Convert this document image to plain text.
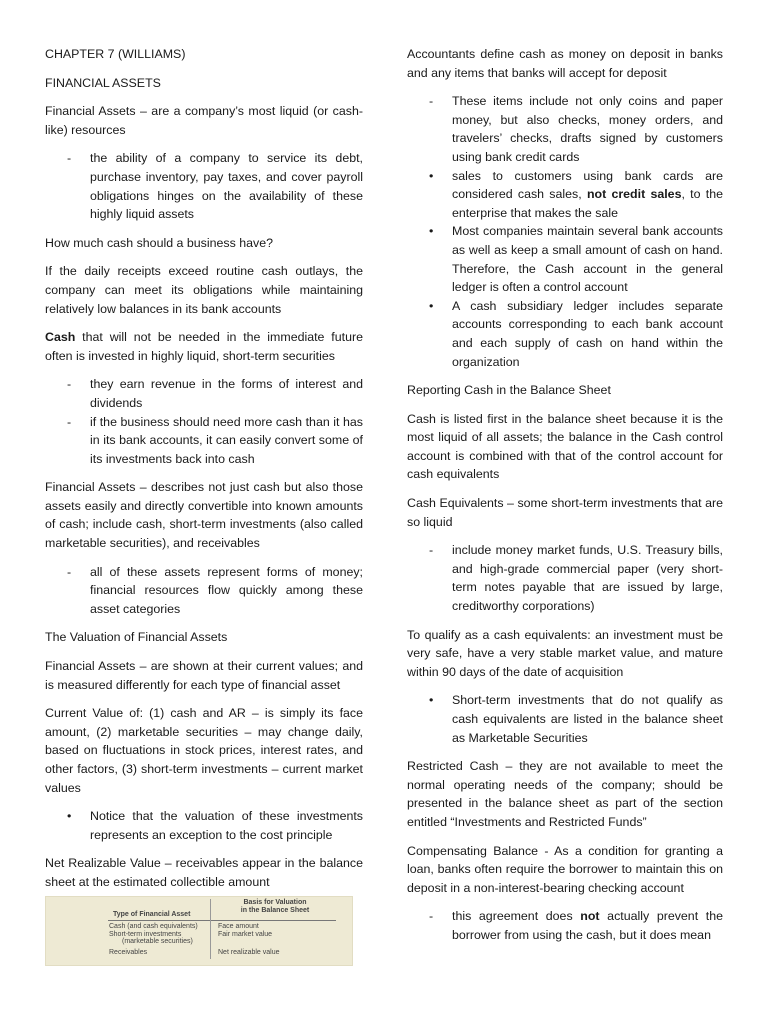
CHAPTER 7 (WILLIAMS)

FINANCIAL ASSETS

Financial Assets – are a company’s most liquid (or cash-like) resources

- the ability of a company to service its debt, purchase inventory, pay taxes, and cover payroll obligations hinges on the availability of these highly liquid assets

How much cash should a business have?

If the daily receipts exceed routine cash outlays, the company can meet its obligations while maintaining relatively low balances in its bank accounts

Cash that will not be needed in the immediate future often is invested in highly liquid, short-term securities

- they earn revenue in the forms of interest and dividends
- if the business should need more cash than it has in its bank accounts, it can easily convert some of its investments back into cash

Financial Assets – describes not just cash but also those assets easily and directly convertible into known amounts of cash; include cash, short-term investments (also called marketable securities), and receivables

- all of these assets represent forms of money; financial resources flow quickly among these asset categories

The Valuation of Financial Assets

Financial Assets – are shown at their current values; and is measured differently for each type of financial asset

Current Value of: (1) cash and AR – is simply its face amount, (2) marketable securities – may change daily, based on fluctuations in stock prices, interest rates, and other factors, (3) short-term investments – current market values

• Notice that the valuation of these investments represents an exception to the cost principle

Net Realizable Value – receivables appear in the balance sheet at the estimated collectible amount

Basis for Valuation
in the Balance Sheet
Type of Financial Asset
Cash (and cash equivalents)	Face amount
Short-term investments
(marketable securities)
Fair market value
Receivables	Net realizable value

Accountants define cash as money on deposit in banks and any items that banks will accept for deposit

- These items include not only coins and paper money, but also checks, money orders, and travelers’ checks, drafts signed by customers using bank credit cards
• sales to customers using bank cards are considered cash sales, not credit sales, to the enterprise that makes the sale
• Most companies maintain several bank accounts as well as keep a small amount of cash on hand. Therefore, the Cash account in the general ledger is often a control account
• A cash subsidiary ledger includes separate accounts corresponding to each bank account and each supply of cash on hand within the organization

Reporting Cash in the Balance Sheet

Cash is listed first in the balance sheet because it is the most liquid of all assets; the balance in the Cash control account is combined with that of the control account for cash equivalents

Cash Equivalents – some short-term investments that are so liquid

- include money market funds, U.S. Treasury bills, and high-grade commercial paper (very short-term notes payable that are issued by large, creditworthy corporations)

To qualify as a cash equivalents: an investment must be very safe, have a very stable market value, and mature within 90 days of the date of acquisition

• Short-term investments that do not qualify as cash equivalents are listed in the balance sheet as Marketable Securities

Restricted Cash – they are not available to meet the normal operating needs of the company; should be presented in the balance sheet as part of the section entitled “Investments and Restricted Funds”

Compensating Balance - As a condition for granting a loan, banks often require the borrower to maintain this on deposit in a non-interest-bearing checking account

- this agreement does not actually prevent the borrower from using the cash, but it does mean
